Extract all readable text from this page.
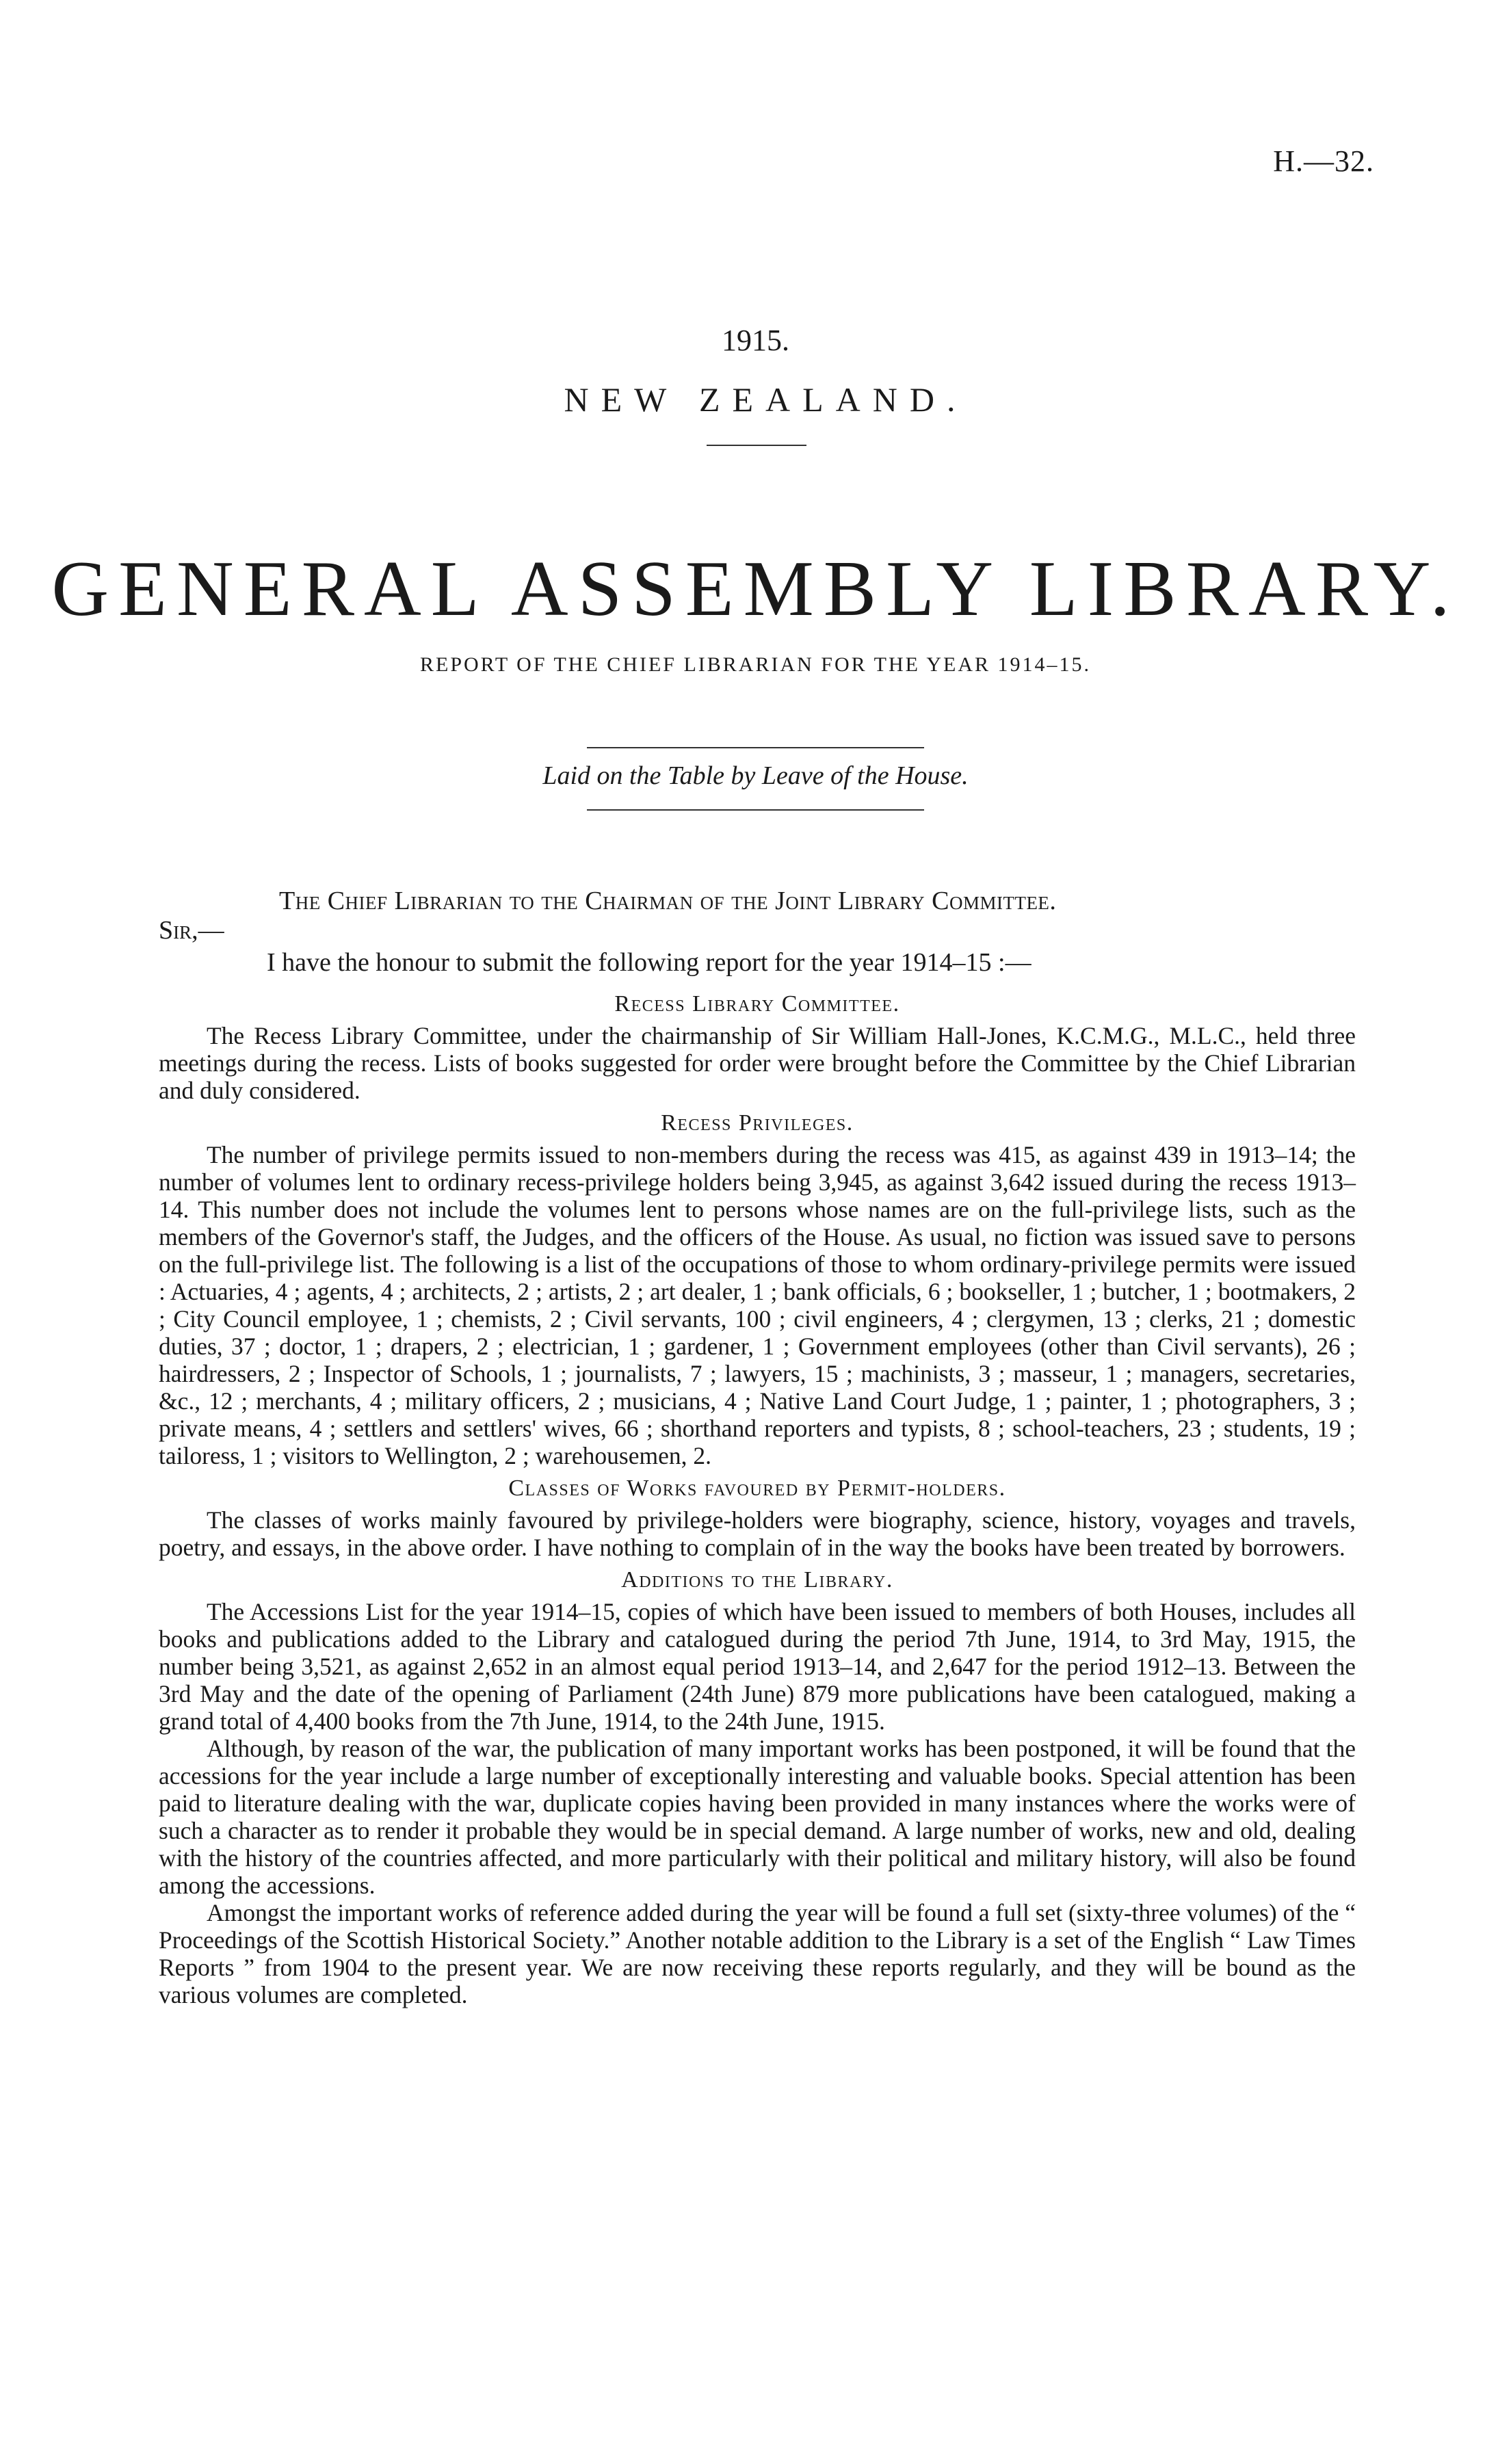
H.—32.
1915.
NEW ZEALAND.
GENERAL ASSEMBLY LIBRARY.
REPORT OF THE CHIEF LIBRARIAN FOR THE YEAR 1914–15.
Laid on the Table by Leave of the House.
The Chief Librarian to the Chairman of the Joint Library Committee.
Sir,—
I have the honour to submit the following report for the year 1914–15 :—
Recess Library Committee.

The Recess Library Committee, under the chairmanship of Sir William Hall-Jones, K.C.M.G., M.L.C., held three meetings during the recess. Lists of books suggested for order were brought before the Committee by the Chief Librarian and duly considered.

Recess Privileges.

The number of privilege permits issued to non-members during the recess was 415, as against 439 in 1913–14; the number of volumes lent to ordinary recess-privilege holders being 3,945, as against 3,642 issued during the recess 1913–14. This number does not include the volumes lent to persons whose names are on the full-privilege lists, such as the members of the Governor's staff, the Judges, and the officers of the House. As usual, no fiction was issued save to persons on the full-privilege list. The following is a list of the occupations of those to whom ordinary-privilege permits were issued : Actuaries, 4 ; agents, 4 ; architects, 2 ; artists, 2 ; art dealer, 1 ; bank officials, 6 ; bookseller, 1 ; butcher, 1 ; bootmakers, 2 ; City Council employee, 1 ; chemists, 2 ; Civil servants, 100 ; civil engineers, 4 ; clergymen, 13 ; clerks, 21 ; domestic duties, 37 ; doctor, 1 ; drapers, 2 ; electrician, 1 ; gardener, 1 ; Government employees (other than Civil servants), 26 ; hairdressers, 2 ; Inspector of Schools, 1 ; journalists, 7 ; lawyers, 15 ; machinists, 3 ; masseur, 1 ; managers, secretaries, &c., 12 ; merchants, 4 ; military officers, 2 ; musicians, 4 ; Native Land Court Judge, 1 ; painter, 1 ; photographers, 3 ; private means, 4 ; settlers and settlers' wives, 66 ; shorthand reporters and typists, 8 ; school-teachers, 23 ; students, 19 ; tailoress, 1 ; visitors to Wellington, 2 ; warehousemen, 2.

Classes of Works favoured by Permit-holders.

The classes of works mainly favoured by privilege-holders were biography, science, history, voyages and travels, poetry, and essays, in the above order. I have nothing to complain of in the way the books have been treated by borrowers.

Additions to the Library.

The Accessions List for the year 1914–15, copies of which have been issued to members of both Houses, includes all books and publications added to the Library and catalogued during the period 7th June, 1914, to 3rd May, 1915, the number being 3,521, as against 2,652 in an almost equal period 1913–14, and 2,647 for the period 1912–13. Between the 3rd May and the date of the opening of Parliament (24th June) 879 more publications have been catalogued, making a grand total of 4,400 books from the 7th June, 1914, to the 24th June, 1915.

Although, by reason of the war, the publication of many important works has been postponed, it will be found that the accessions for the year include a large number of exceptionally interesting and valuable books. Special attention has been paid to literature dealing with the war, duplicate copies having been provided in many instances where the works were of such a character as to render it probable they would be in special demand. A large number of works, new and old, dealing with the history of the countries affected, and more particularly with their political and military history, will also be found among the accessions.

Amongst the important works of reference added during the year will be found a full set (sixty-three volumes) of the “ Proceedings of the Scottish Historical Society.” Another notable addition to the Library is a set of the English “ Law Times Reports ” from 1904 to the present year. We are now receiving these reports regularly, and they will be bound as the various volumes are completed.
